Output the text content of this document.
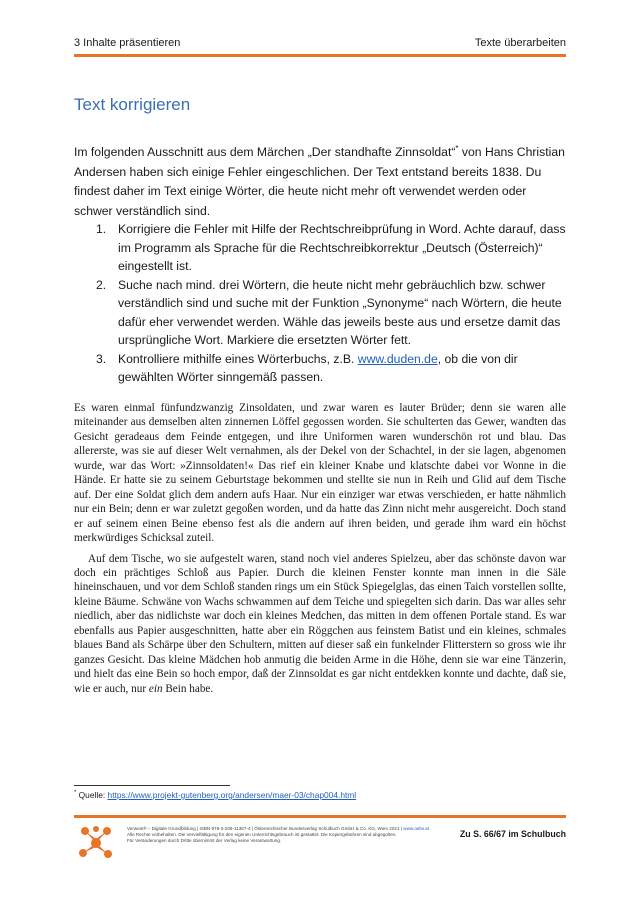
3 Inhalte präsentieren	Texte überarbeiten
Text korrigieren

Im folgenden Ausschnitt aus dem Märchen „Der standhafte Zinnsoldat“* von Hans Christian Andersen haben sich einige Fehler eingeschlichen. Der Text entstand bereits 1838. Du findest daher im Text einige Wörter, die heute nicht mehr oft verwendet werden oder schwer verständlich sind.

1. Korrigiere die Fehler mit Hilfe der Rechtschreibprüfung in Word. Achte darauf, dass im Programm als Sprache für die Rechtschreibkorrektur „Deutsch (Österreich)“ eingestellt ist.
2. Suche nach mind. drei Wörtern, die heute nicht mehr gebräuchlich bzw. schwer verständlich sind und suche mit der Funktion „Synonyme“ nach Wörtern, die heute dafür eher verwendet werden. Wähle das jeweils beste aus und ersetze damit das ursprüngliche Wort. Markiere die ersetzten Wörter fett.
3. Kontrolliere mithilfe eines Wörterbuchs, z.B. www.duden.de, ob die von dir gewählten Wörter sinngemäß passen.

Es waren einmal fünfundzwanzig Zinsoldaten, und zwar waren es lauter Brüder; denn sie waren alle miteinander aus demselben alten zinnernen Löffel gegossen worden. Sie schulterten das Gewer, wandten das Gesicht geradeaus dem Feinde entgegen, und ihre Uniformen waren wunderschön rot und blau. Das allererste, was sie auf dieser Welt vernahmen, als der Dekel von der Schachtel, in der sie lagen, abgenomen wurde, war das Wort: »Zinnsoldaten!« Das rief ein kleiner Knabe und klatschte dabei vor Wonne in die Hände. Er hatte sie zu seinem Geburtstage bekommen und stellte sie nun in Reih und Glid auf dem Tische auf. Der eine Soldat glich dem andern aufs Haar. Nur ein einziger war etwas verschieden, er hatte nähmlich nur ein Bein; denn er war zuletzt gegoßen worden, und da hatte das Zinn nicht mehr ausgereicht. Doch stand er auf seinem einen Beine ebenso fest als die andern auf ihren beiden, und gerade ihm ward ein höchst merkwürdiges Schicksal zuteil.

Auf dem Tische, wo sie aufgestelt waren, stand noch viel anderes Spielzeu, aber das schönste davon war doch ein prächtiges Schloß aus Papier. Durch die kleinen Fenster konnte man innen in die Säle hineinschauen, und vor dem Schloß standen rings um ein Stück Spiegelglas, das einen Taich vorstellen sollte, kleine Bäume. Schwäne von Wachs schwammen auf dem Teiche und spiegelten sich darin. Das war alles sehr niedlich, aber das nidlichste war doch ein kleines Medchen, das mitten in dem offenen Portale stand. Es war ebenfalls aus Papier ausgeschnitten, hatte aber ein Röggchen aus feinstem Batist und ein kleines, schmales blaues Band als Schärpe über den Schultern, mitten auf dieser saß ein funkelnder Flitterstern so gross wie ihr ganzes Gesicht. Das kleine Mädchen hob anmutig die beiden Arme in die Höhe, denn sie war eine Tänzerin, und hielt das eine Bein so hoch empor, daß der Zinnsoldat es gar nicht entdekken konnte und dachte, daß sie, wie er auch, nur ein Bein habe.

* Quelle: https://www.projekt-gutenberg.org/andersen/maer-03/chap004.html
Verweis® – Digitale Grundbildung | ISBN 978-3-209-11367-4 | Österreichischer Bundesverlag Schulbuch GmbH & Co. KG, Wien 2021 | www.oebv.at
Alle Rechte vorbehalten. Die Vervielfältigung für den eigenen Unterrichtsgebrauch ist gestattet. Die Kopiergebühren sind abgegolten.
Für Veränderungen durch Dritte übernimmt der Verlag keine Verantwortung.
Zu S. 66/67 im Schulbuch
